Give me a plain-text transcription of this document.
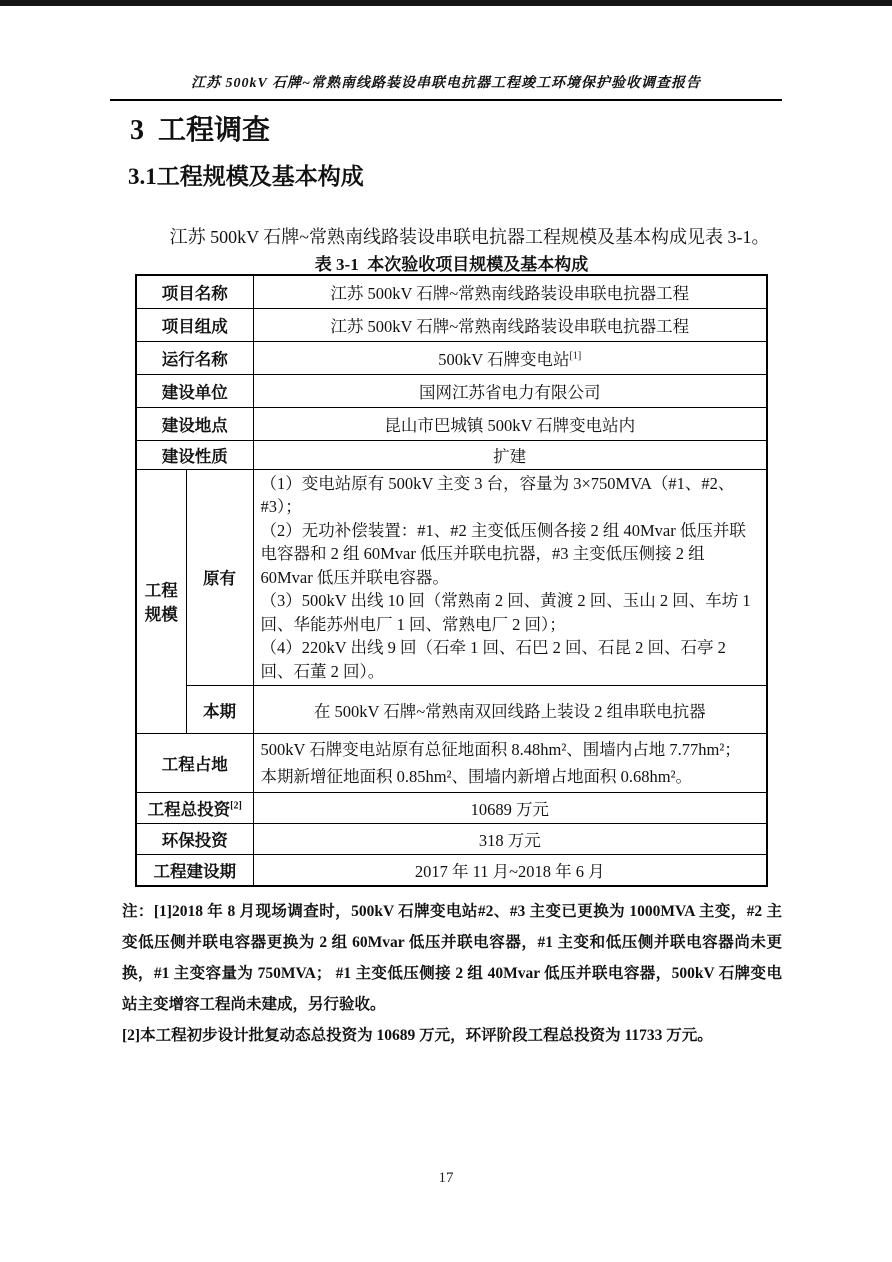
江苏 500kV 石牌~常熟南线路装设串联电抗器工程竣工环境保护验收调查报告
3  工程调查
3.1工程规模及基本构成

江苏 500kV 石牌~常熟南线路装设串联电抗器工程规模及基本构成见表 3-1。

表 3-1  本次验收项目规模及基本构成
项目名称		江苏 500kV 石牌~常熟南线路装设串联电抗器工程
项目组成		江苏 500kV 石牌~常熟南线路装设串联电抗器工程
运行名称		500kV 石牌变电站[1]
建设单位		国网江苏省电力有限公司
建设地点		昆山市巴城镇 500kV 石牌变电站内
建设性质		扩建
工程规模	原有	（1）变电站原有 500kV 主变 3 台，容量为 3×750MVA（#1、#2、#3）；
（2）无功补偿装置：#1、#2 主变低压侧各接 2 组 40Mvar 低压并联电容器和 2 组 60Mvar 低压并联电抗器，#3 主变低压侧接 2 组 60Mvar 低压并联电容器。
（3）500kV 出线 10 回（常熟南 2 回、黄渡 2 回、玉山 2 回、车坊 1 回、华能苏州电厂 1 回、常熟电厂 2 回）；
（4）220kV 出线 9 回（石牵 1 回、石巴 2 回、石昆 2 回、石亭 2 回、石董 2 回）。

	本期	在 500kV 石牌~常熟南双回线路上装设 2 组串联电抗器
工程占地		500kV 石牌变电站原有总征地面积 8.48hm²、围墙内占地 7.77hm²；
本期新增征地面积 0.85hm²、围墙内新增占地面积 0.68hm²。

工程总投资[2]		10689 万元
环保投资		318 万元
工程建设期		2017 年 11 月~2018 年 6 月

注：[1]2018 年 8 月现场调查时，500kV 石牌变电站#2、#3 主变已更换为 1000MVA 主变，#2 主变低压侧并联电容器更换为 2 组 60Mvar 低压并联电容器，#1 主变和低压侧并联电容器尚未更换，#1 主变容量为 750MVA； #1 主变低压侧接 2 组 40Mvar 低压并联电容器，500kV 石牌变电站主变增容工程尚未建成，另行验收。

[2]本工程初步设计批复动态总投资为 10689 万元，环评阶段工程总投资为 11733 万元。

17
